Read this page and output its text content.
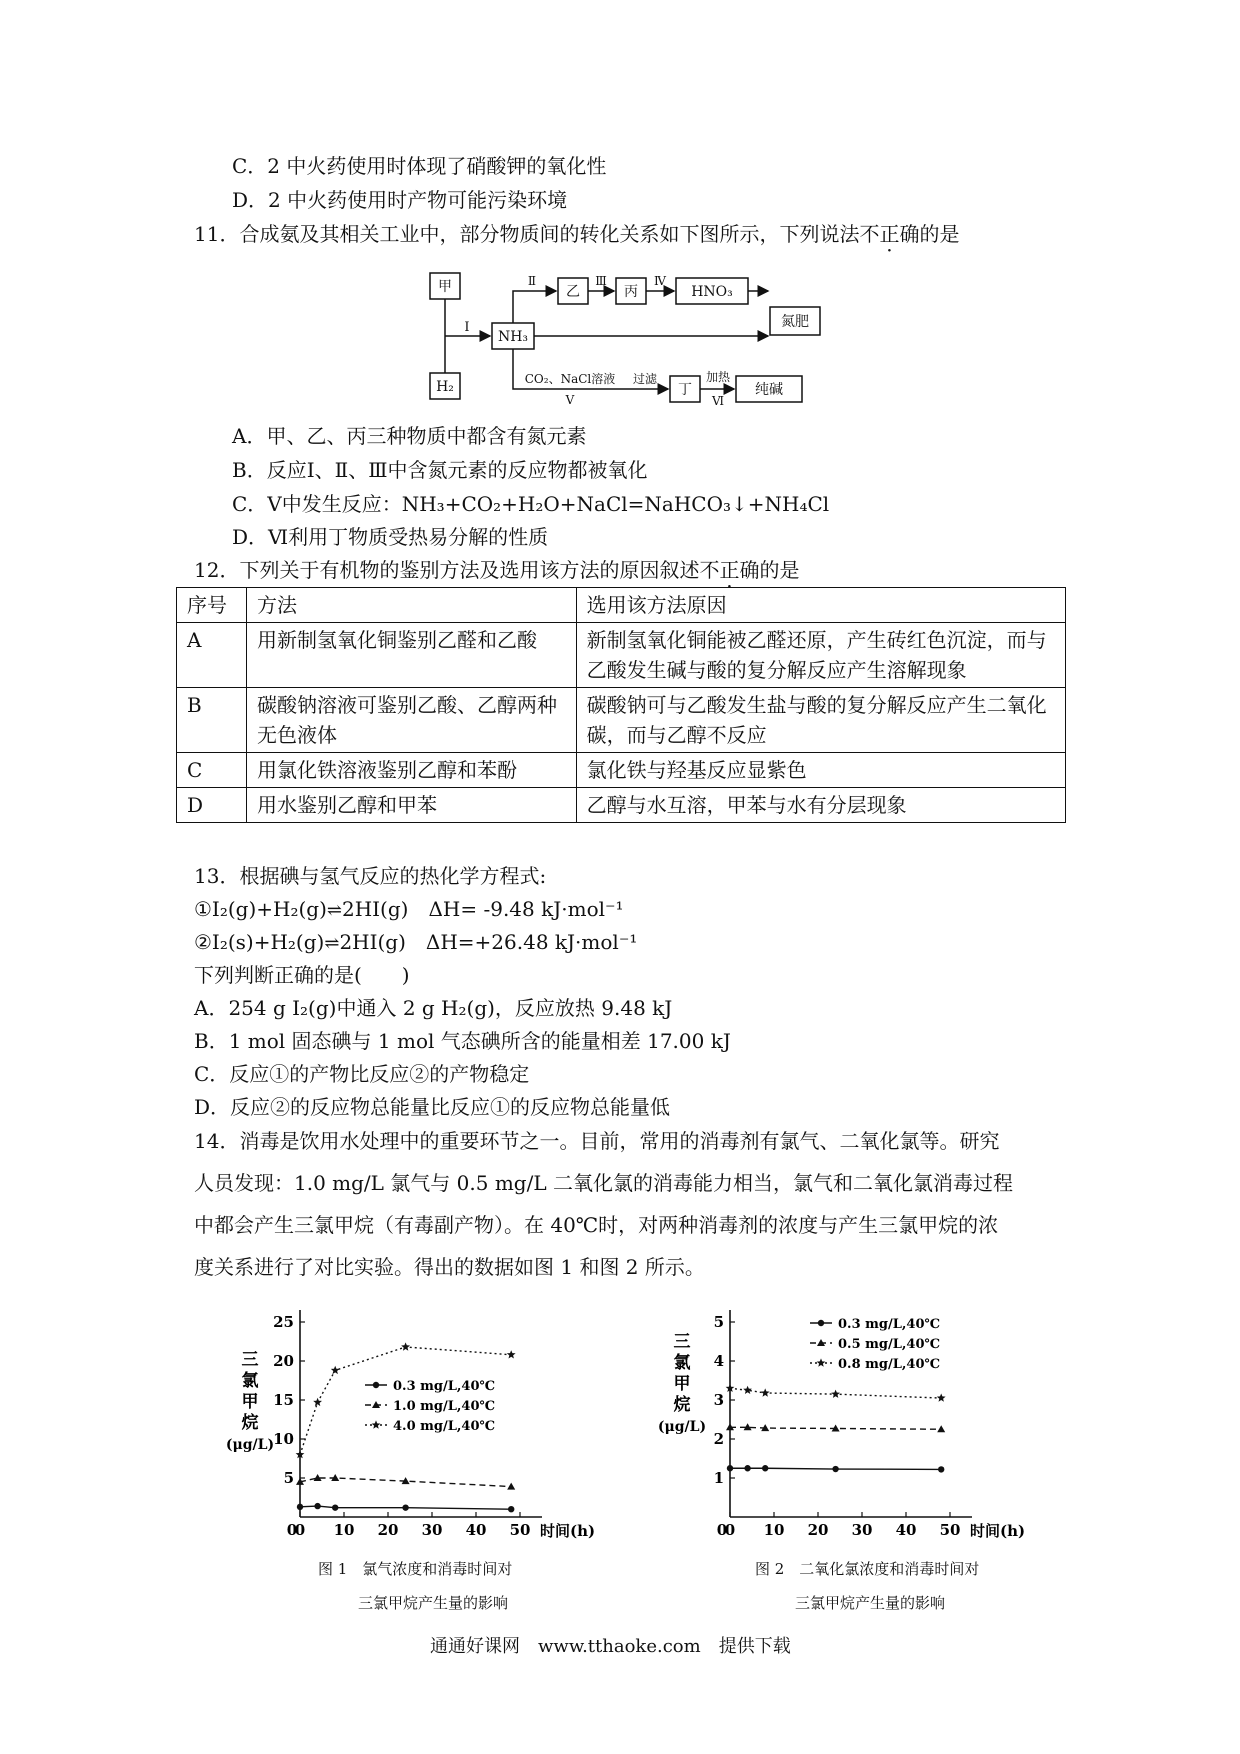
C．2 中火药使用时体现了硝酸钾的氧化性
D．2 中火药使用时产物可能污染环境
11．合成氨及其相关工业中，部分物质间的转化关系如下图所示，下列说法不正确的是
甲
H₂
NH₃
乙	丙	HNO₃
氮肥
丁	纯碱
Ⅰ
Ⅱ	Ⅲ	Ⅳ
CO₂、NaCl溶液
Ⅴ
过滤	加热
Ⅵ
A．甲、乙、丙三种物质中都含有氮元素
B．反应Ⅰ、Ⅱ、Ⅲ中含氮元素的反应物都被氧化
C．Ⅴ中发生反应：NH₃+CO₂+H₂O+NaCl=NaHCO₃↓+NH₄Cl
D．Ⅵ利用丁物质受热易分解的性质
12．下列关于有机物的鉴别方法及选用该方法的原因叙述不正确的是
序号	方法	选用该方法原因
A	用新制氢氧化铜鉴别乙醛和乙酸	新制氢氧化铜能被乙醛还原，产生砖红色沉淀，而与乙酸发生碱与酸的复分解反应产生溶解现象
B	碳酸钠溶液可鉴别乙酸、乙醇两种无色液体	碳酸钠可与乙酸发生盐与酸的复分解反应产生二氧化碳，而与乙醇不反应
C	用氯化铁溶液鉴别乙醇和苯酚	氯化铁与羟基反应显紫色
D	用水鉴别乙醇和甲苯	乙醇与水互溶，甲苯与水有分层现象
13．根据碘与氢气反应的热化学方程式:
①I₂(g)+H₂(g)⇌2HI(g)　ΔH= -9.48 kJ·mol⁻¹
②I₂(s)+H₂(g)⇌2HI(g)　ΔH=+26.48 kJ·mol⁻¹
下列判断正确的是(　　)
A．254 g I₂(g)中通入 2 g H₂(g)，反应放热 9.48 kJ
B．1 mol 固态碘与 1 mol 气态碘所含的能量相差 17.00 kJ
C．反应①的产物比反应②的产物稳定
D．反应②的反应物总能量比反应①的反应物总能量低
14．消毒是饮用水处理中的重要环节之一。目前，常用的消毒剂有氯气、二氧化氯等。研究
人员发现：1.0 mg/L 氯气与 0.5 mg/L 二氧化氯的消毒能力相当，氯气和二氧化氯消毒过程
中都会产生三氯甲烷（有毒副产物）。在 40℃时，对两种消毒剂的浓度与产生三氯甲烷的浓
度关系进行了对比实验。得出的数据如图 1 和图 2 所示。
0 10 20 30 40 50
0
5
10
15
20
25
时间(h)
三
氯
甲
烷
(μg/L)
0.3 mg/L,40℃
1.0 mg/L,40℃
4.0 mg/L,40℃
0 10 20 30 40 50
0
1
2
3
4
5
时间(h)
三
氯
甲
烷
(μg/L)
0.3 mg/L,40℃
0.5 mg/L,40℃
0.8 mg/L,40℃
图 1　氯气浓度和消毒时间对
三氯甲烷产生量的影响
图 2　二氧化氯浓度和消毒时间对
三氯甲烷产生量的影响
通通好课网　www.tthaoke.com　提供下载
